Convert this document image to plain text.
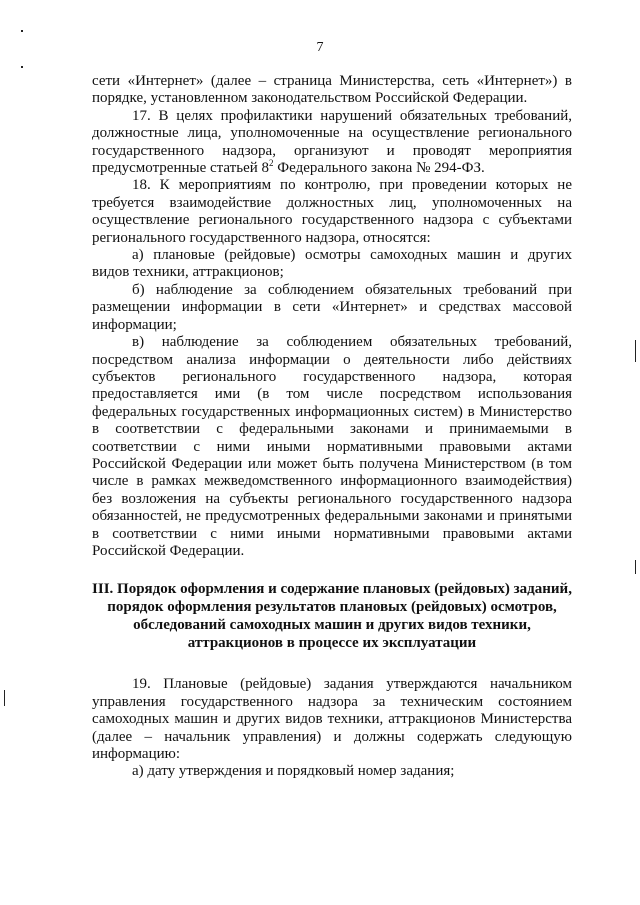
7

сети «Интернет» (далее – страница Министерства, сеть «Интернет») в порядке, установленном законодательством Российской Федерации.

17. В целях профилактики нарушений обязательных требований, должностные лица, уполномоченные на осуществление регионального государственного надзора, организуют и проводят мероприятия предусмотренные статьей $8^2$ Федерального закона № 294-ФЗ.

18. К мероприятиям по контролю, при проведении которых не требуется взаимодействие должностных лиц, уполномоченных на осуществление регионального государственного надзора с субъектами регионального государственного надзора, относятся:

а) плановые (рейдовые) осмотры самоходных машин и других видов техники, аттракционов;

б) наблюдение за соблюдением обязательных требований при размещении информации в сети «Интернет» и средствах массовой информации;

в) наблюдение за соблюдением обязательных требований, посредством анализа информации о деятельности либо действиях субъектов регионального государственного надзора, которая предоставляется ими (в том числе посредством использования федеральных государственных информационных систем) в Министерство в соответствии с федеральными законами и принимаемыми в соответствии с ними иными нормативными правовыми актами Российской Федерации или может быть получена Министерством (в том числе в рамках межведомственного информационного взаимодействия) без возложения на субъекты регионального государственного надзора обязанностей, не предусмотренных федеральными законами и принятыми в соответствии с ними иными нормативными правовыми актами Российской Федерации.

III. Порядок оформления и содержание плановых (рейдовых) заданий, порядок оформления результатов плановых (рейдовых) осмотров, обследований самоходных машин и других видов техники, аттракционов в процессе их эксплуатации

19. Плановые (рейдовые) задания утверждаются начальником управления государственного надзора за техническим состоянием самоходных машин и других видов техники, аттракционов Министерства (далее – начальник управления) и должны содержать следующую информацию:

а) дату утверждения и порядковый номер задания;
